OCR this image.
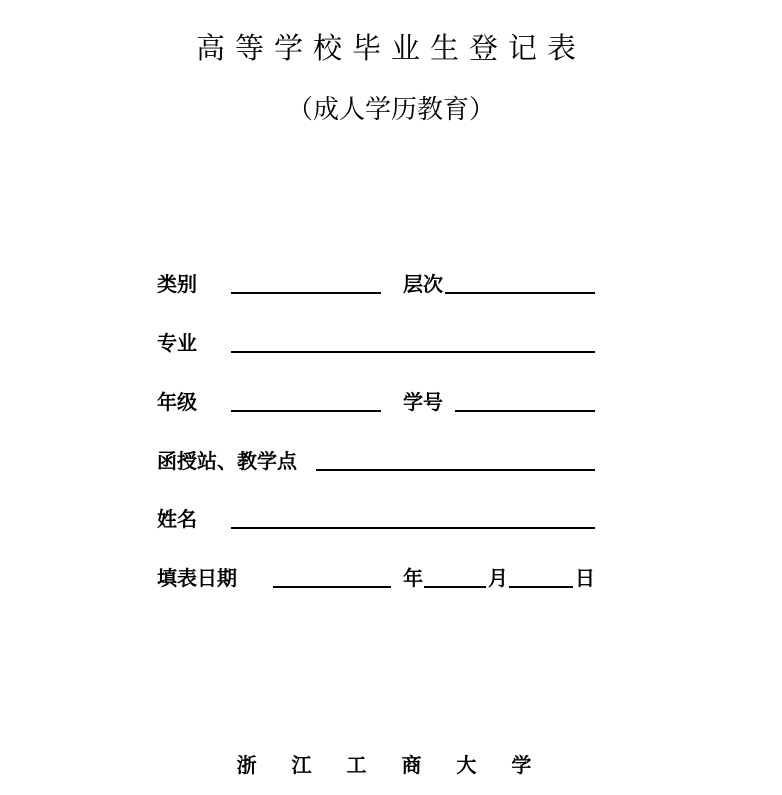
高等学校毕业生登记表
（成人学历教育）
类别	层次
专业
年级	学号
函授站、教学点
姓名
填表日期	年	月	日
浙 江 工 商 大 学
